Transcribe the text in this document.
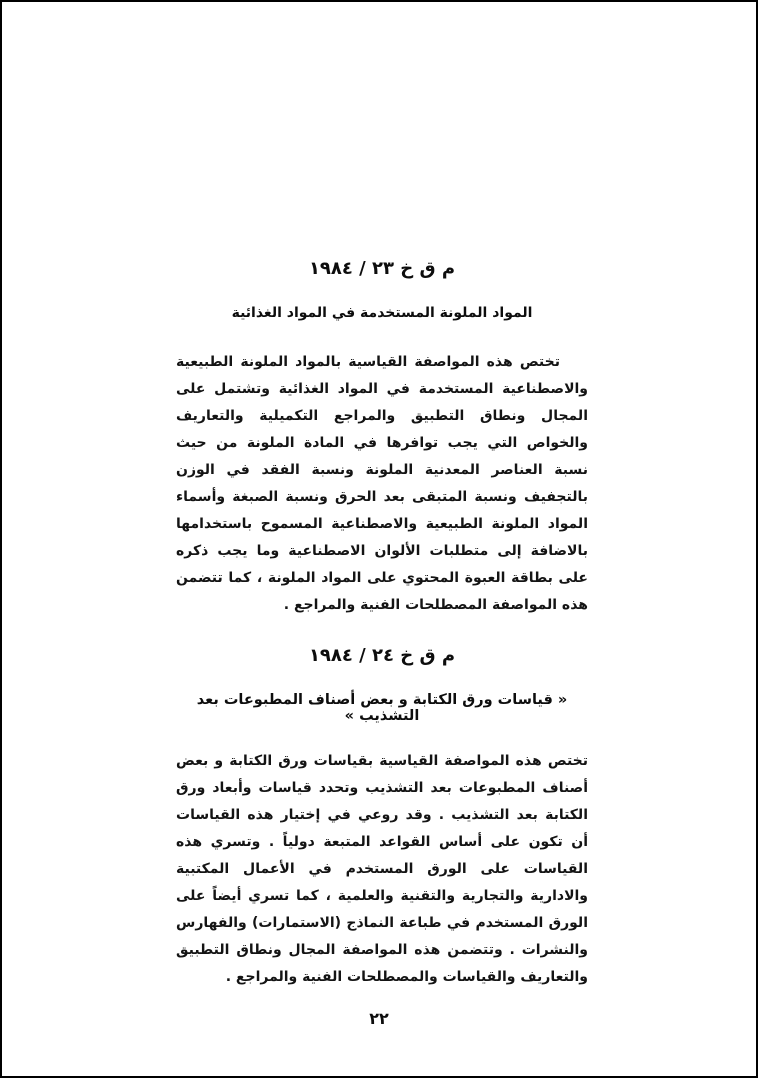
م ق خ ٢٣ / ١٩٨٤
المواد الملونة المستخدمة في المواد الغذائية

تختص هذه المواصفة القياسية بالمواد الملونة الطبيعية والاصطناعية المستخدمة في المواد الغذائية وتشتمل على المجال ونطاق التطبيق والمراجع التكميلية والتعاريف والخواص التي يجب توافرها في المادة الملونة من حيث نسبة العناصر المعدنية الملونة ونسبة الفقد في الوزن بالتجفيف ونسبة المتبقى بعد الحرق ونسبة الصبغة وأسماء المواد الملونة الطبيعية والاصطناعية المسموح باستخدامها بالاضافة إلى متطلبات الألوان الاصطناعية وما يجب ذكره على بطاقة العبوة المحتوي على المواد الملونة ، كما تتضمن هذه المواصفة المصطلحات الفنية والمراجع .

م ق خ ٢٤ / ١٩٨٤
« قياسات ورق الكتابة و بعض أصناف المطبوعات بعد التشذيب »

تختص هذه المواصفة القياسية بقياسات ورق الكتابة و بعض أصناف المطبوعات بعد التشذيب وتحدد قياسات وأبعاد ورق الكتابة بعد التشذيب . وقد روعي في إختيار هذه القياسات أن تكون على أساس القواعد المتبعة دولياً . وتسري هذه القياسات على الورق المستخدم في الأعمال المكتبية والادارية والتجارية والتقنية والعلمية ، كما تسري أيضاً على الورق المستخدم في طباعة النماذج (الاستمارات) والفهارس والنشرات . وتتضمن هذه المواصفة المجال ونطاق التطبيق والتعاريف والقياسات والمصطلحات الفنية والمراجع .

٢٢
